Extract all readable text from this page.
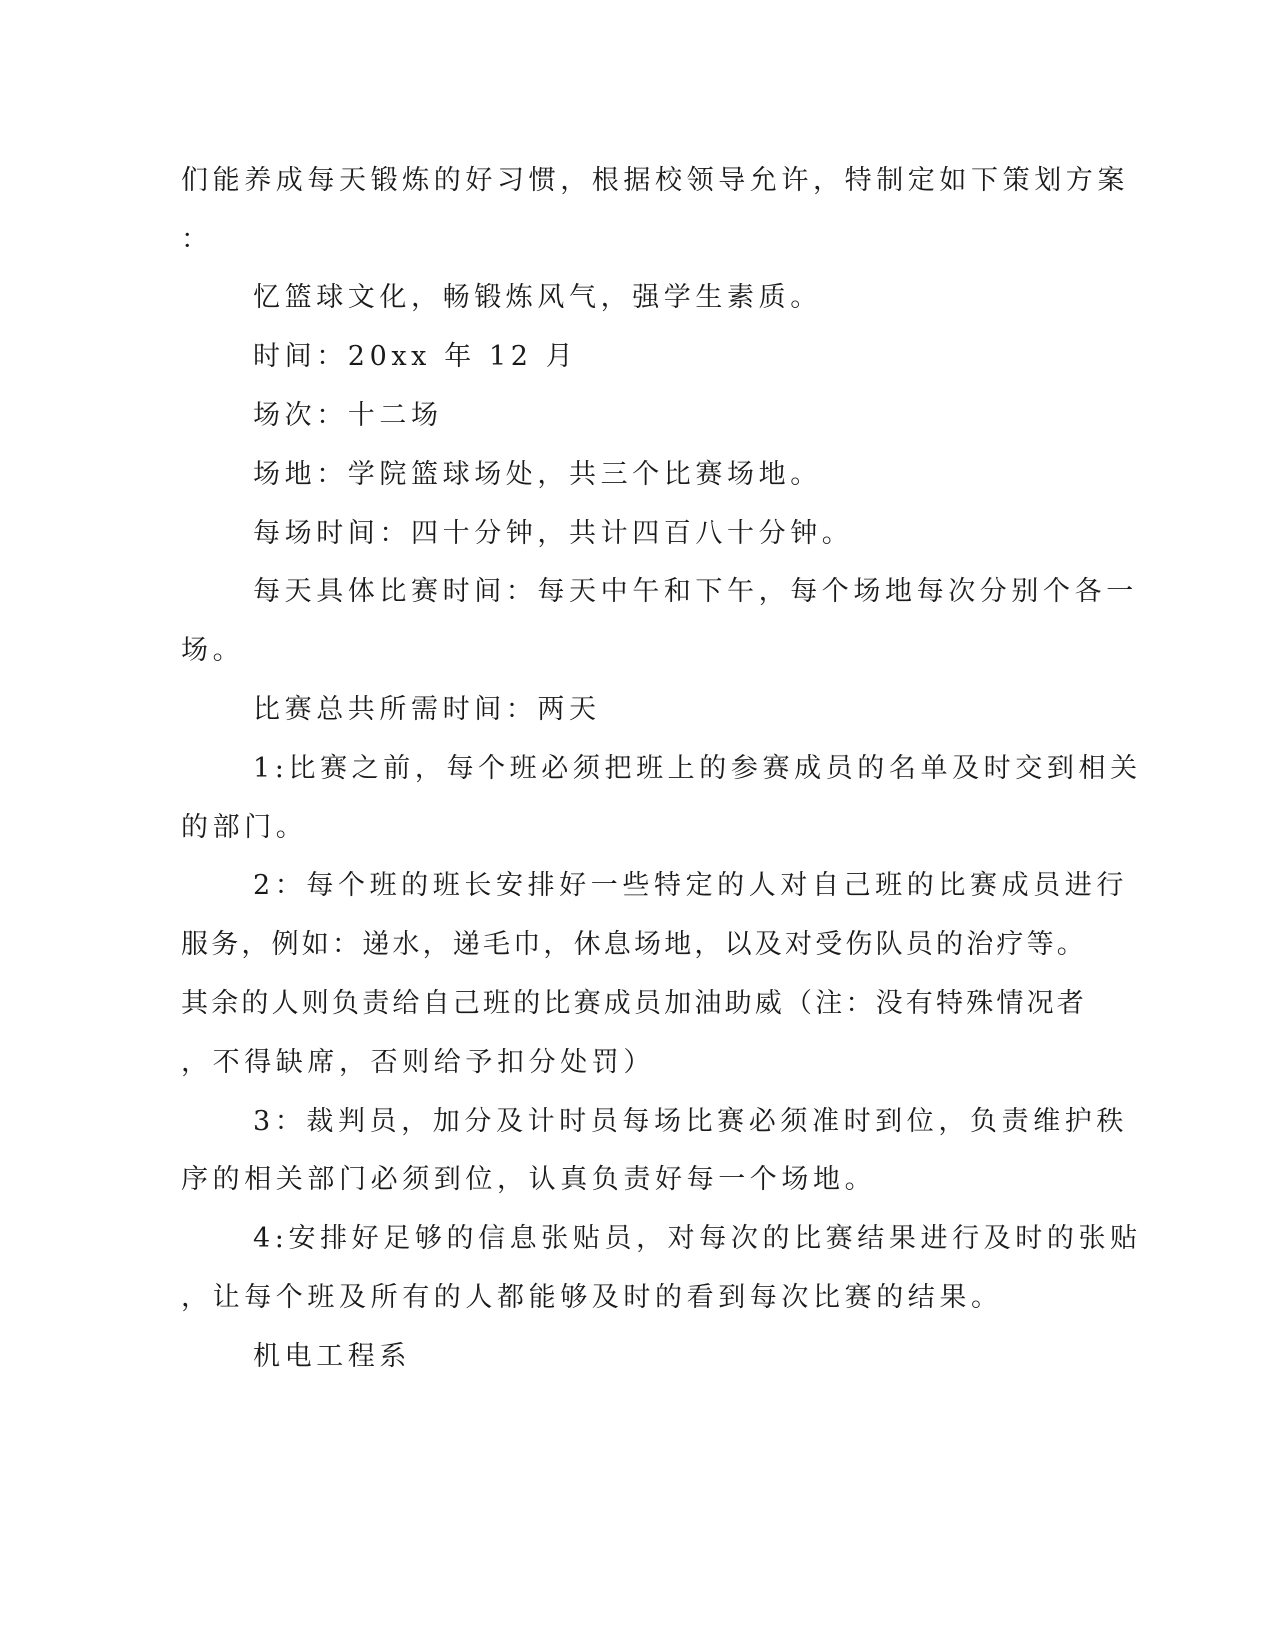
们能养成每天锻炼的好习惯，根据校领导允许，特制定如下策划方案
：
忆篮球文化，畅锻炼风气，强学生素质。
时间：20xx 年 12 月
场次：十二场
场地：学院篮球场处，共三个比赛场地。
每场时间：四十分钟，共计四百八十分钟。
每天具体比赛时间：每天中午和下午，每个场地每次分别个各一
场。
比赛总共所需时间：两天
1:比赛之前，每个班必须把班上的参赛成员的名单及时交到相关
的部门。
2：每个班的班长安排好一些特定的人对自己班的比赛成员进行
服务，例如：递水，递毛巾，休息场地，以及对受伤队员的治疗等。
其余的人则负责给自己班的比赛成员加油助威（注：没有特殊情况者
，不得缺席，否则给予扣分处罚）
3：裁判员，加分及计时员每场比赛必须准时到位，负责维护秩
序的相关部门必须到位，认真负责好每一个场地。
4:安排好足够的信息张贴员，对每次的比赛结果进行及时的张贴
，让每个班及所有的人都能够及时的看到每次比赛的结果。
机电工程系
